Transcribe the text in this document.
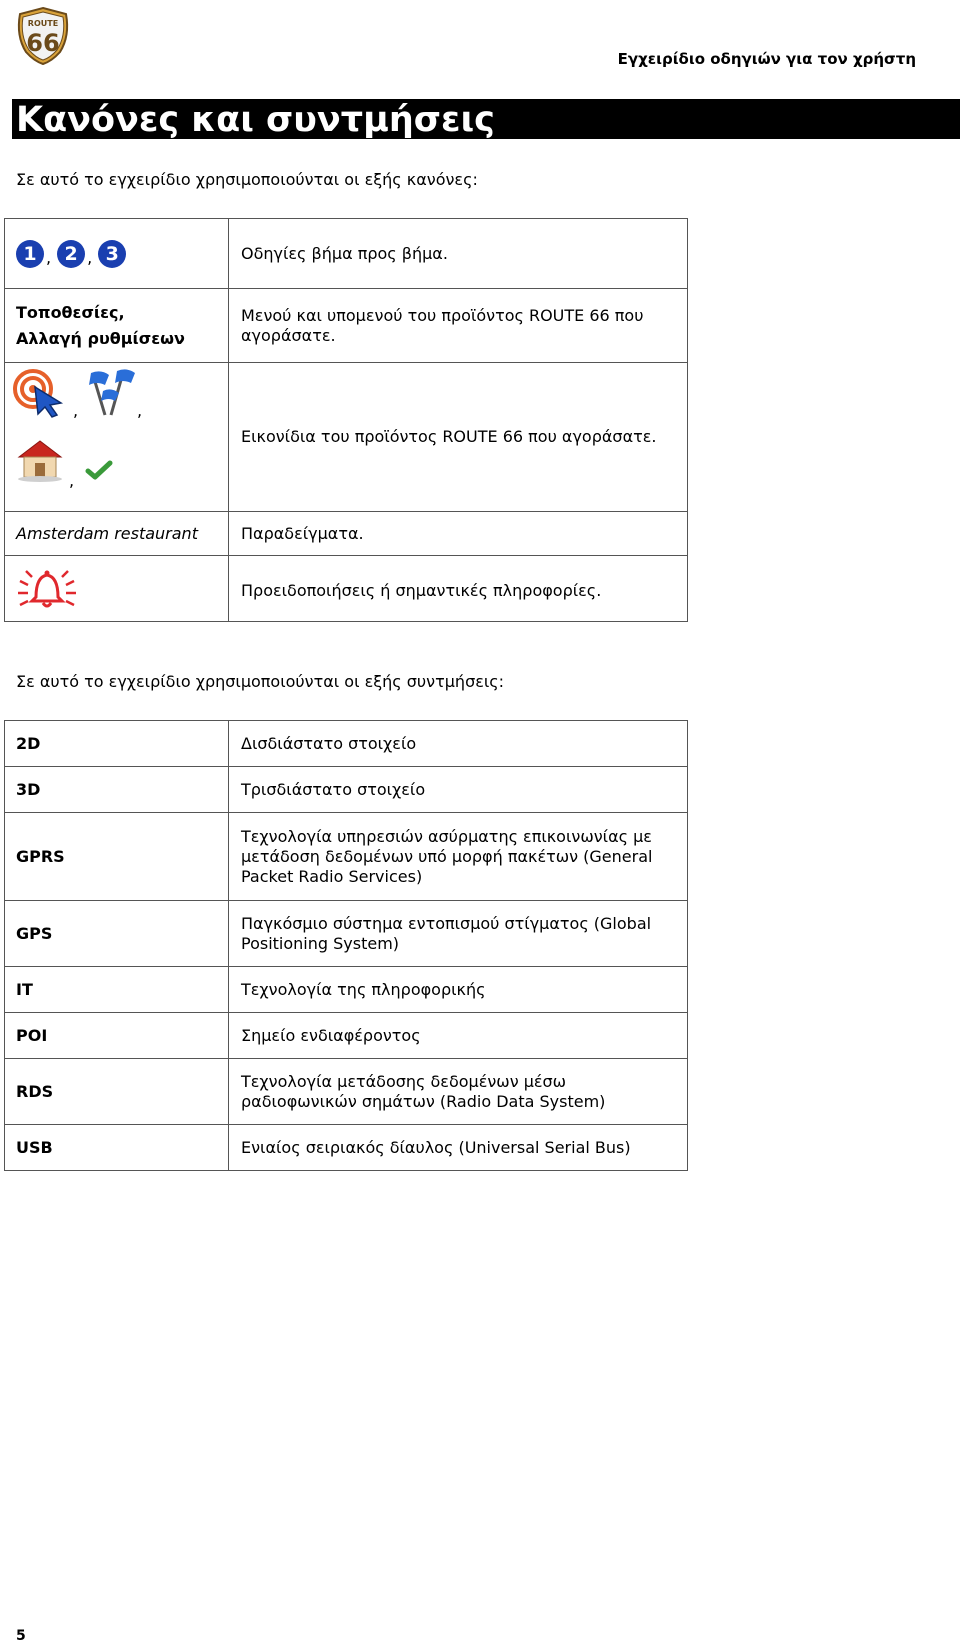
ROUTE
66
Εγχειρίδιο οδηγιών για τον χρήστη
Κανόνες και συντμήσεις
Σε αυτό το εγχειρίδιο χρησιμοποιούνται οι εξής κανόνες:
1 , 2 , 3	Οδηγίες βήμα προς βήμα.

Τοποθεσίες,
Αλλαγή ρυθμίσεων	Μενού και υπομενού του προϊόντος ROUTE 66 που αγοράσατε.

, ,
,	Εικονίδια του προϊόντος ROUTE 66 που αγοράσατε.
Amsterdam restaurant	Παραδείγματα.

	Προειδοποιήσεις ή σημαντικές πληροφορίες.
Σε αυτό το εγχειρίδιο χρησιμοποιούνται οι εξής συντμήσεις:
2D	Δισδιάστατο στοιχείο
3D	Τρισδιάστατο στοιχείο
GPRS	Τεχνολογία υπηρεσιών ασύρματης επικοινωνίας με μετάδοση δεδομένων υπό μορφή πακέτων (General Packet Radio Services)
GPS	Παγκόσμιο σύστημα εντοπισμού στίγματος (Global Positioning System)
IT	Τεχνολογία της πληροφορικής
POI	Σημείο ενδιαφέροντος
RDS	Τεχνολογία μετάδοσης δεδομένων μέσω ραδιοφωνικών σημάτων (Radio Data System)
USB	Ενιαίος σειριακός δίαυλος (Universal Serial Bus)
5
